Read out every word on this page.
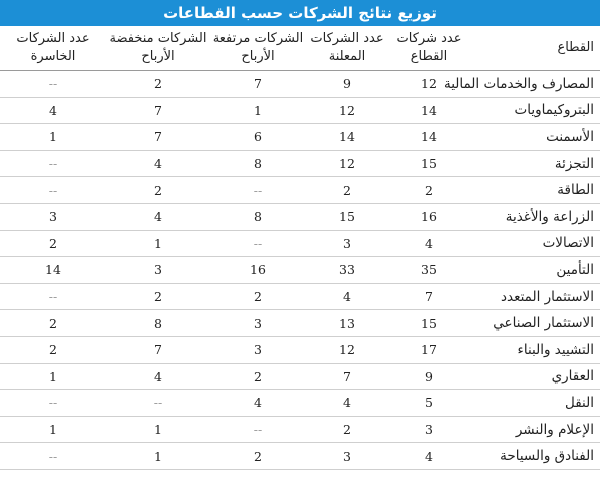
توزيع نتائج الشركات حسب القطاعات
القطاع	عدد شركات القطاع	عدد الشركات المعلنة	الشركات مرتفعة الأرباح	الشركات منخفضة الأرباح	عدد الشركات الخاسرة
المصارف والخدمات المالية	12	9	7	2	--
البتروكيماويات	14	12	1	7	4
الأسمنت	14	14	6	7	1
التجزئة	15	12	8	4	--
الطاقة	2	2	--	2	--
الزراعة والأغذية	16	15	8	4	3
الاتصالات	4	3	--	1	2
التأمين	35	33	16	3	14
الاستثمار المتعدد	7	4	2	2	--
الاستثمار الصناعي	15	13	3	8	2
التشييد والبناء	17	12	3	7	2
العقاري	9	7	2	4	1
النقل	5	4	4	--	--
الإعلام والنشر	3	2	--	1	1
الفنادق والسياحة	4	3	2	1	--
